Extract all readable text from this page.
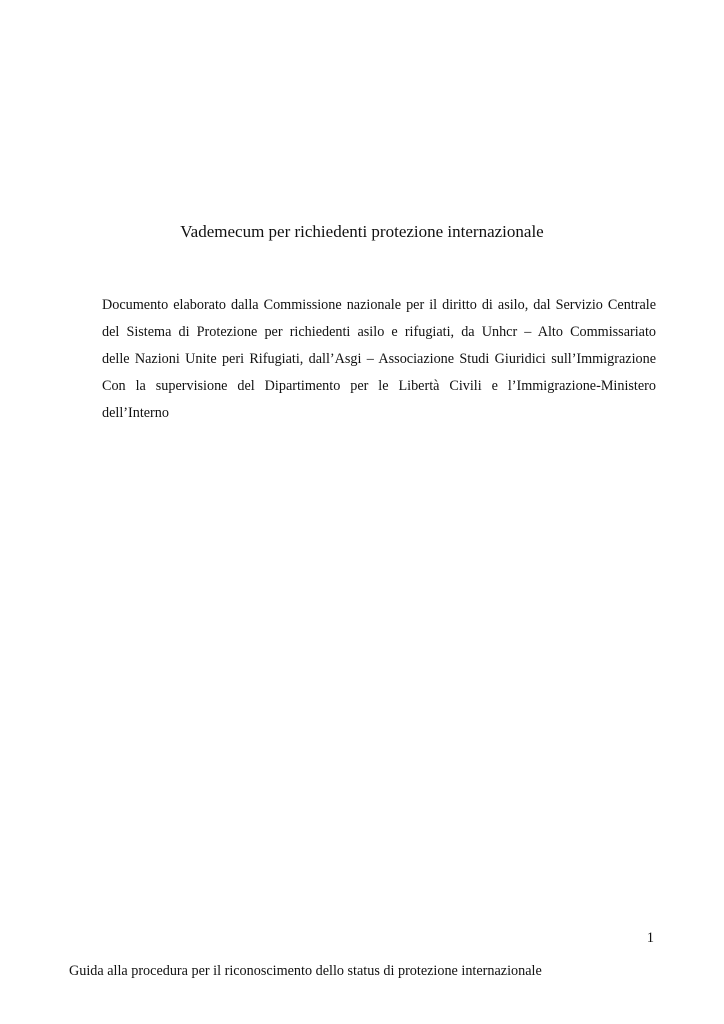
Vademecum per richiedenti protezione internazionale
Documento elaborato dalla Commissione nazionale per il diritto di asilo, dal Servizio Centrale
del Sistema di Protezione per richiedenti asilo e rifugiati, da Unhcr – Alto Commissariato
delle Nazioni Unite peri Rifugiati, dall’Asgi – Associazione Studi Giuridici sull’Immigrazione
Con la supervisione del Dipartimento per le Libertà Civili e l’Immigrazione-Ministero
dell’Interno
1
Guida alla procedura per il riconoscimento dello status di protezione internazionale
